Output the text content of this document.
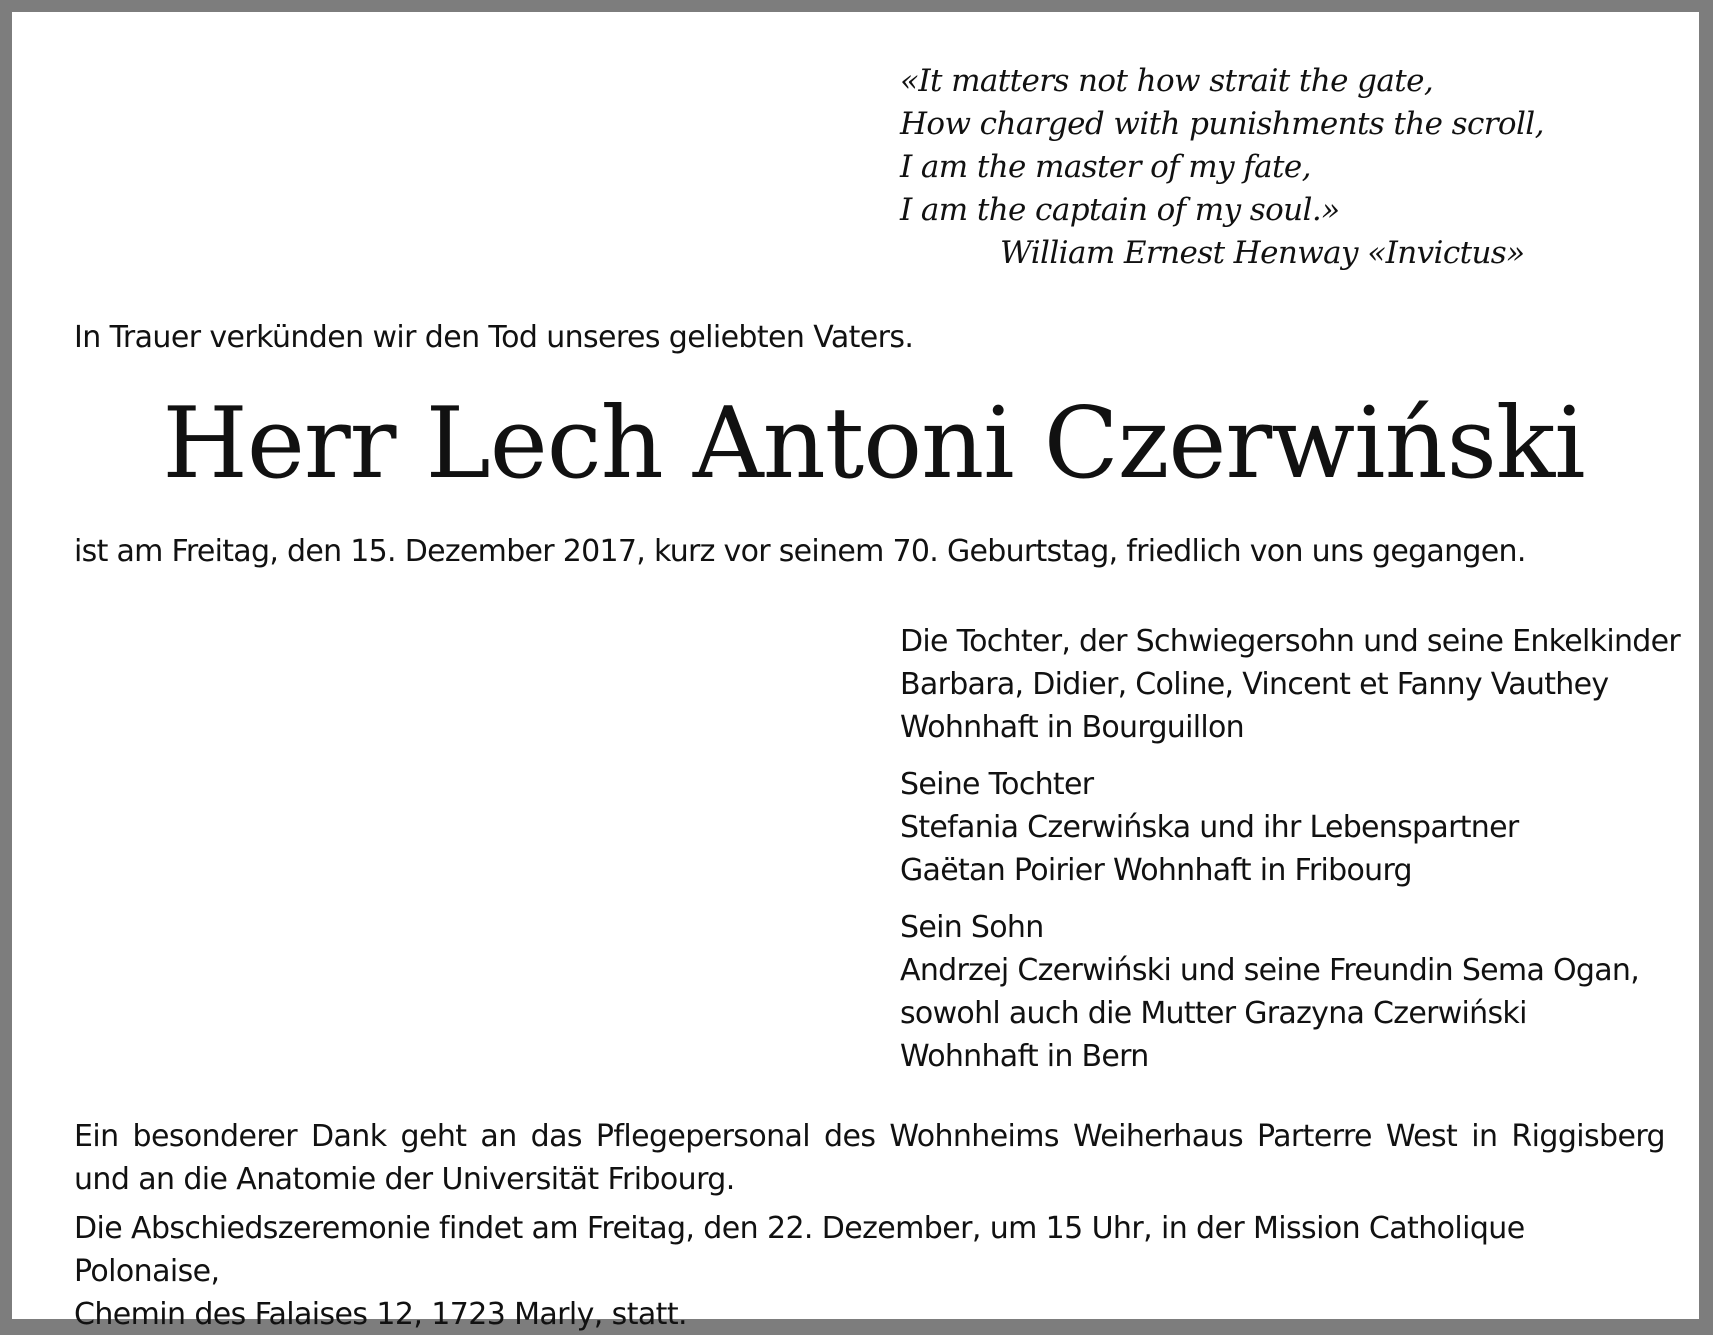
«It matters not how strait the gate,
How charged with punishments the scroll,
I am the master of my fate,
I am the captain of my soul.»
William Ernest Henway «Invictus»
In Trauer verkünden wir den Tod unseres geliebten Vaters.
Herr Lech Antoni Czerwiński
ist am Freitag, den 15. Dezember 2017, kurz vor seinem 70. Geburtstag, friedlich von uns gegangen.
Die Tochter, der Schwiegersohn und seine Enkelkinder
Barbara, Didier, Coline, Vincent et Fanny Vauthey
Wohnhaft in Bourguillon
Seine Tochter
Stefania Czerwińska und ihr Lebenspartner
Gaëtan Poirier Wohnhaft in Fribourg
Sein Sohn
Andrzej Czerwiński und seine Freundin Sema Ogan,
sowohl auch die Mutter Grazyna Czerwiński
Wohnhaft in Bern

Ein besonderer Dank geht an das Pflegepersonal des Wohnheims Weiherhaus Parterre West in Riggisberg
und an die Anatomie der Universität Fribourg.

Die Abschiedszeremonie findet am Freitag, den 22. Dezember, um 15 Uhr, in der Mission Catholique Polonaise,
Chemin des Falaises 12, 1723 Marly, statt.
